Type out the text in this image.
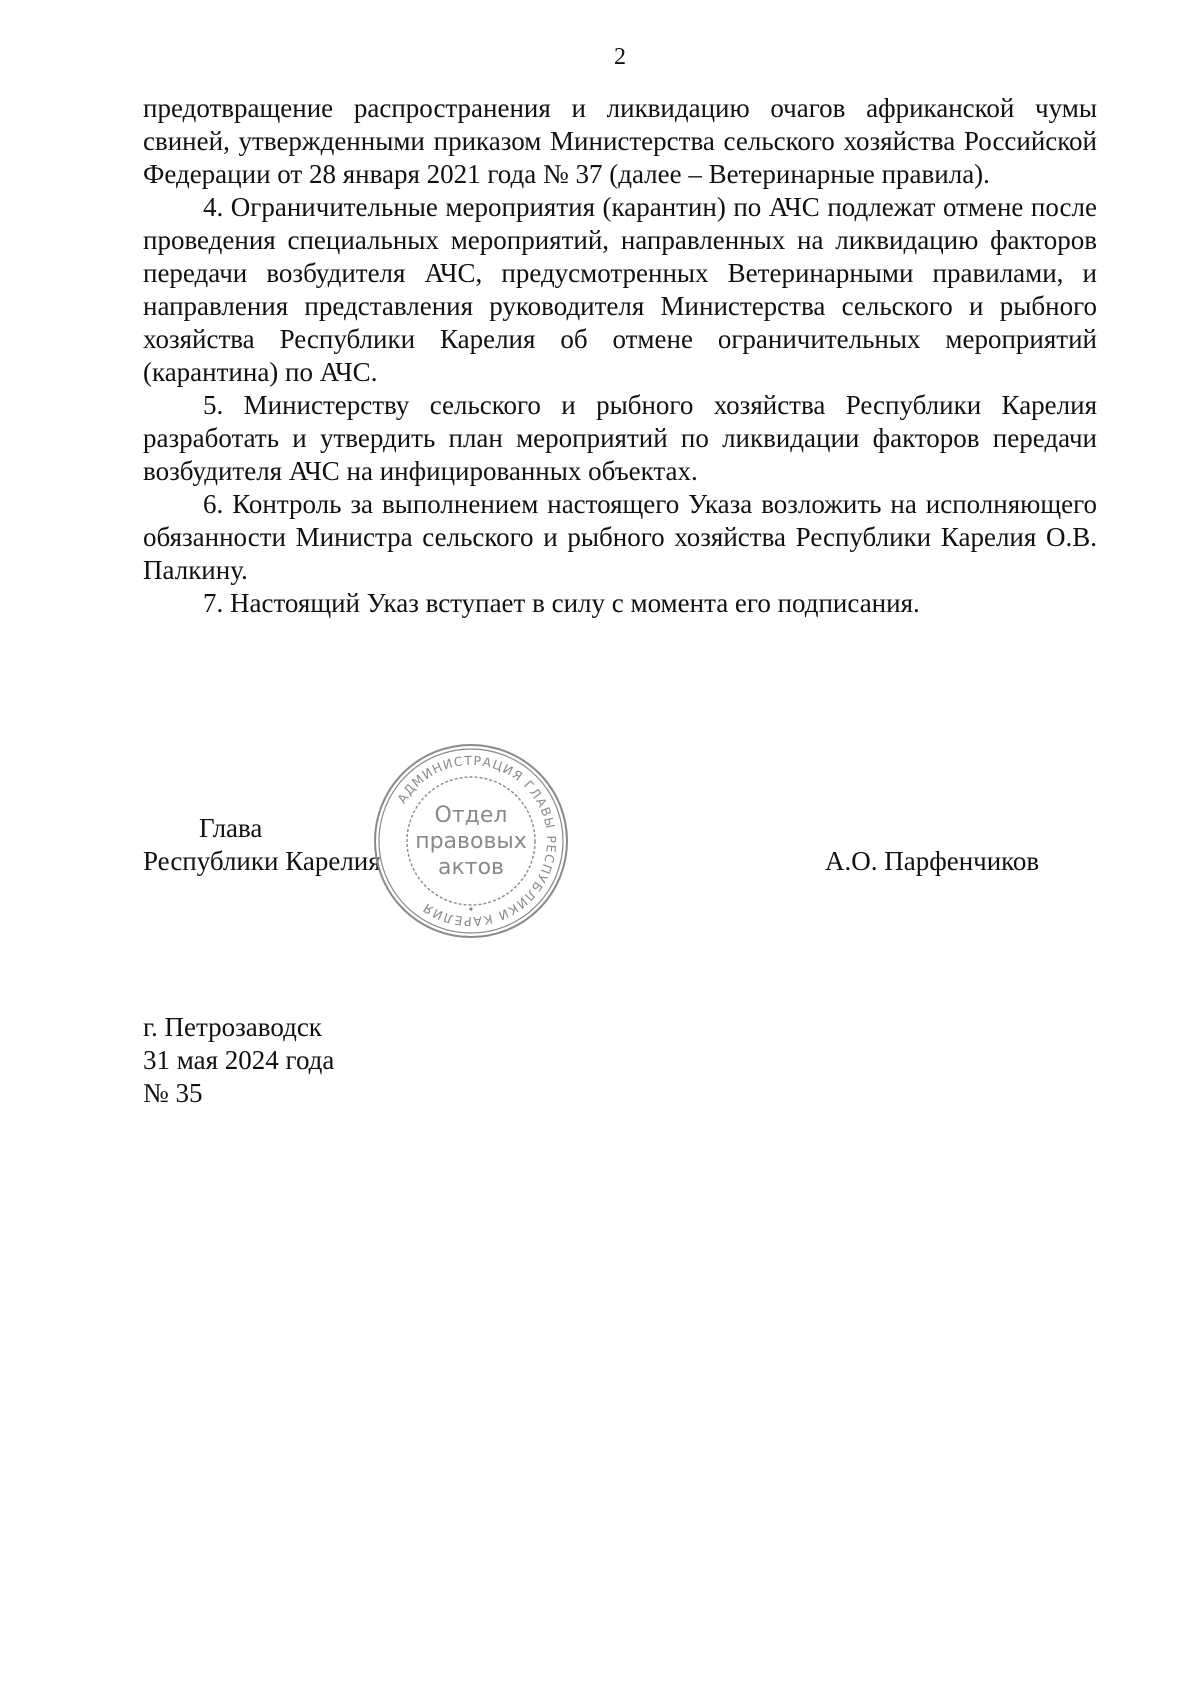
2

предотвращение распространения и ликвидацию очагов африканской чумы свиней, утвержденными приказом Министерства сельского хозяйства Российской Федерации от 28 января 2021 года № 37 (далее – Ветеринарные правила).

4. Ограничительные мероприятия (карантин) по АЧС подлежат отмене после проведения специальных мероприятий, направленных на ликвидацию факторов передачи возбудителя АЧС, предусмотренных Ветеринарными правилами, и направления представления руководителя Министерства сельского и рыбного хозяйства Республики Карелия об отмене ограничительных мероприятий (карантина) по АЧС.

5. Министерству сельского и рыбного хозяйства Республики Карелия разработать и утвердить план мероприятий по ликвидации факторов передачи возбудителя АЧС на инфицированных объектах.

6. Контроль за выполнением настоящего Указа возложить на исполняющего обязанности Министра сельского и рыбного хозяйства Республики Карелия О.В. Палкину.

7. Настоящий Указ вступает в силу с момента его подписания.

Глава
Республики Карелия	А.О. Парфенчиков
АДМИНИСТРАЦИЯ ГЛАВЫ РЕСПУБЛИКИ КАРЕЛИЯ
Отдел
правовых
актов
г. Петрозаводск
31 мая 2024 года
№ 35
